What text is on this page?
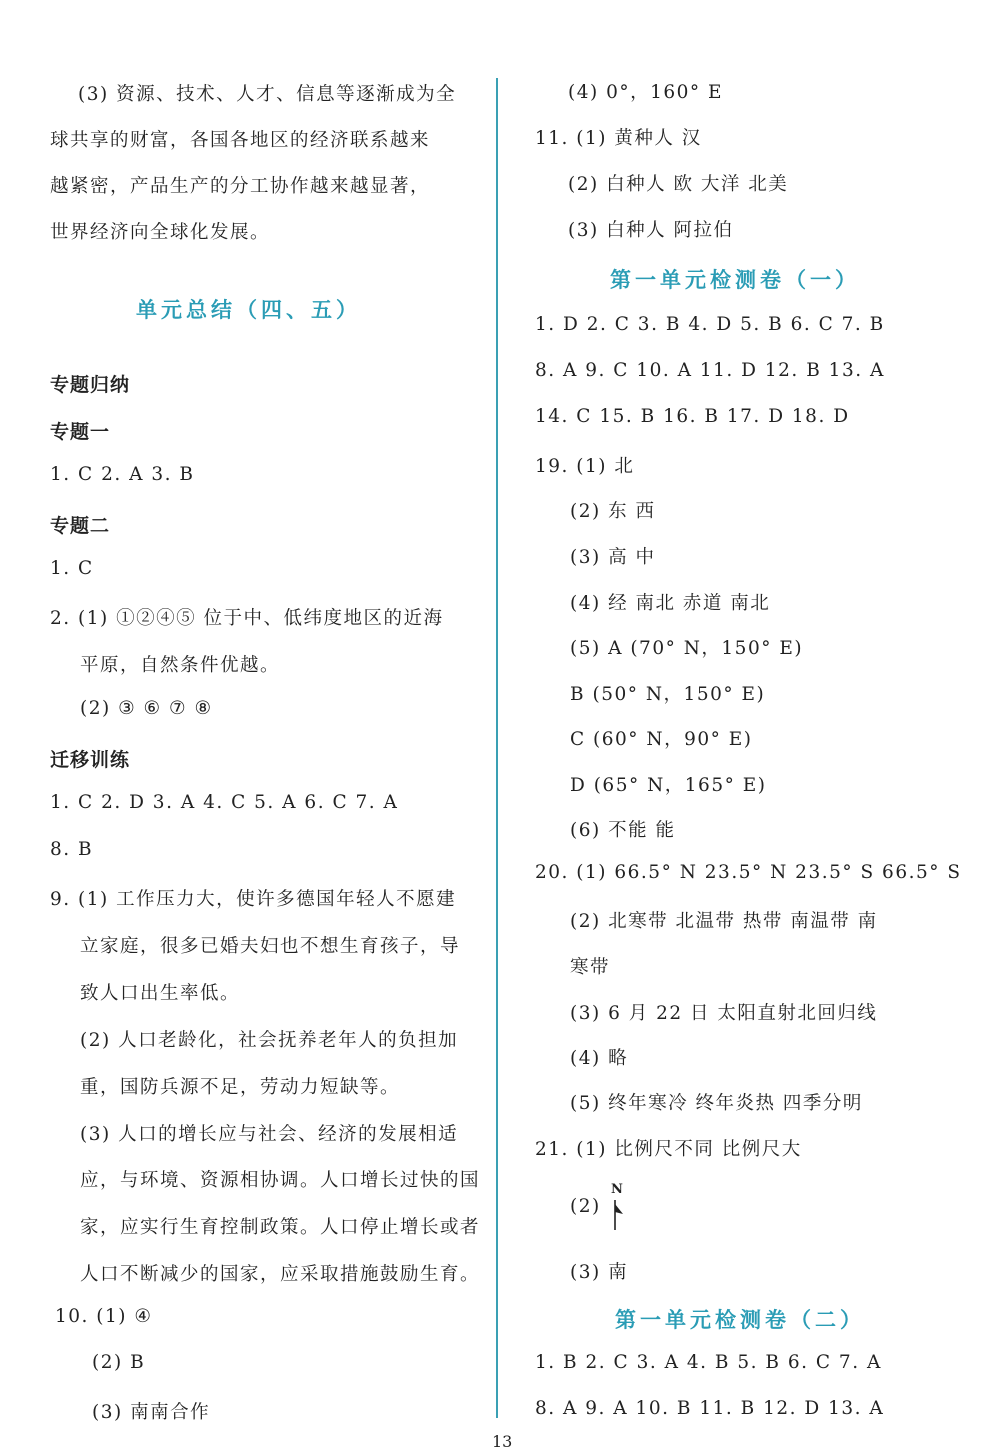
(3) 资源、技术、人才、信息等逐渐成为全
球共享的财富，各国各地区的经济联系越来
越紧密，产品生产的分工协作越来越显著，
世界经济向全球化发展。
单元总结（四、五）
专题归纳
专题一
1. C 2. A 3. B
专题二
1. C
2. (1) ①②④⑤ 位于中、低纬度地区的近海
平原，自然条件优越。
(2) ③ ⑥ ⑦ ⑧
迁移训练
1. C 2. D 3. A 4. C 5. A 6. C 7. A
8. B
9. (1) 工作压力大，使许多德国年轻人不愿建
立家庭，很多已婚夫妇也不想生育孩子，导
致人口出生率低。
(2) 人口老龄化，社会抚养老年人的负担加
重，国防兵源不足，劳动力短缺等。
(3) 人口的增长应与社会、经济的发展相适
应，与环境、资源相协调。人口增长过快的国
家，应实行生育控制政策。人口停止增长或者
人口不断减少的国家，应采取措施鼓励生育。
10. (1) ④
(2) B
(3) 南南合作
(4) 0°，160° E
11. (1) 黄种人 汉
(2) 白种人 欧 大洋 北美
(3) 白种人 阿拉伯
第一单元检测卷（一）
1. D 2. C 3. B 4. D 5. B 6. C 7. B
8. A 9. C 10. A 11. D 12. B 13. A
14. C 15. B 16. B 17. D 18. D
19. (1) 北
(2) 东 西
(3) 高 中
(4) 经 南北 赤道 南北
(5) A (70° N，150° E)
B (50° N，150° E)
C (60° N，90° E)
D (65° N，165° E)
(6) 不能 能
20. (1) 66.5° N 23.5° N 23.5° S 66.5° S
(2) 北寒带 北温带 热带 南温带 南
寒带
(3) 6 月 22 日 太阳直射北回归线
(4) 略
(5) 终年寒冷 终年炎热 四季分明
21. (1) 比例尺不同 比例尺大
(2)
N
(3) 南
第一单元检测卷（二）
1. B 2. C 3. A 4. B 5. B 6. C 7. A
8. A 9. A 10. B 11. B 12. D 13. A
13
